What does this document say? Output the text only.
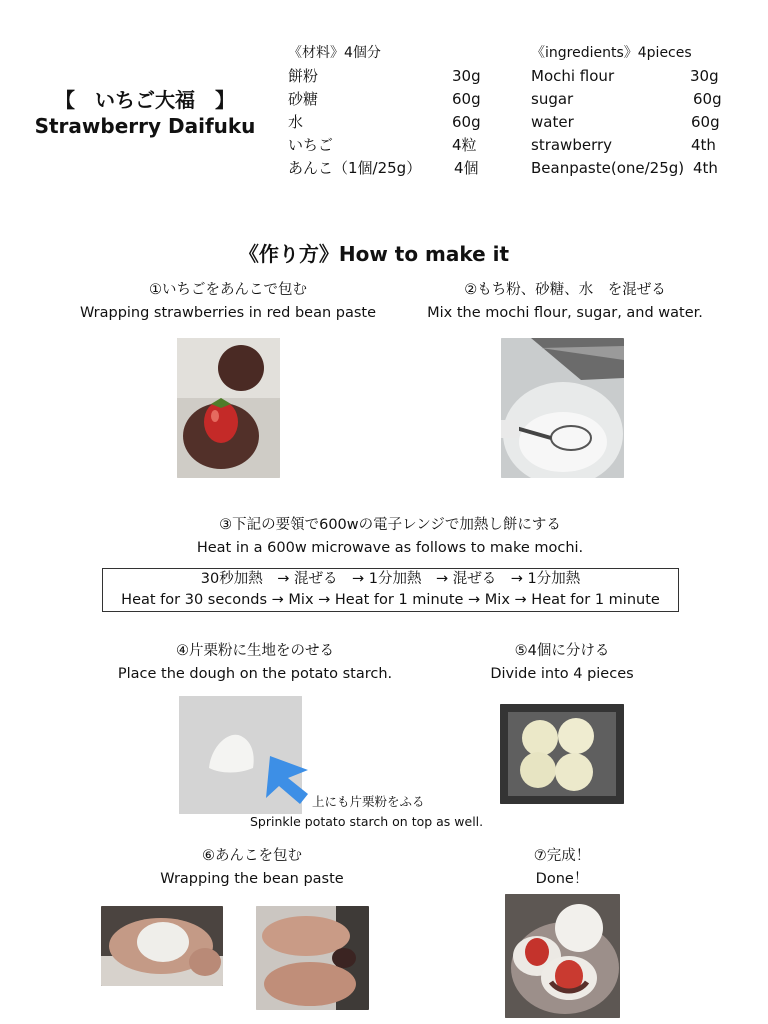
【　いちご大福　】
Strawberry Daifuku
《材料》4個分
餅粉	30g
砂糖	60g
水	60g
いちご	4粒
あんこ（1個/25g） 4個
《ingredients》4pieces
Mochi flour	30g
sugar	60g
water	60g
strawberry	4th
Beanpaste(one/25g) 4th
《作り方》How to make it
①いちごをあんこで包む
Wrapping strawberries in red bean paste
②もち粉、砂糖、水　を混ぜる
Mix the mochi flour, sugar, and water.
③下記の要領で600wの電子レンジで加熱し餅にする
Heat in a 600w microwave as follows to make mochi.
30秒加熱　→ 混ぜる　→ 1分加熱　→ 混ぜる　→ 1分加熱
Heat for 30 seconds → Mix → Heat for 1 minute → Mix → Heat for 1 minute
④片栗粉に生地をのせる
Place the dough on the potato starch.
上にも片栗粉をふる
Sprinkle potato starch on top as well.
⑤4個に分ける
Divide into 4 pieces
⑥あんこを包む
Wrapping the bean paste
⑦完成！
Done！
